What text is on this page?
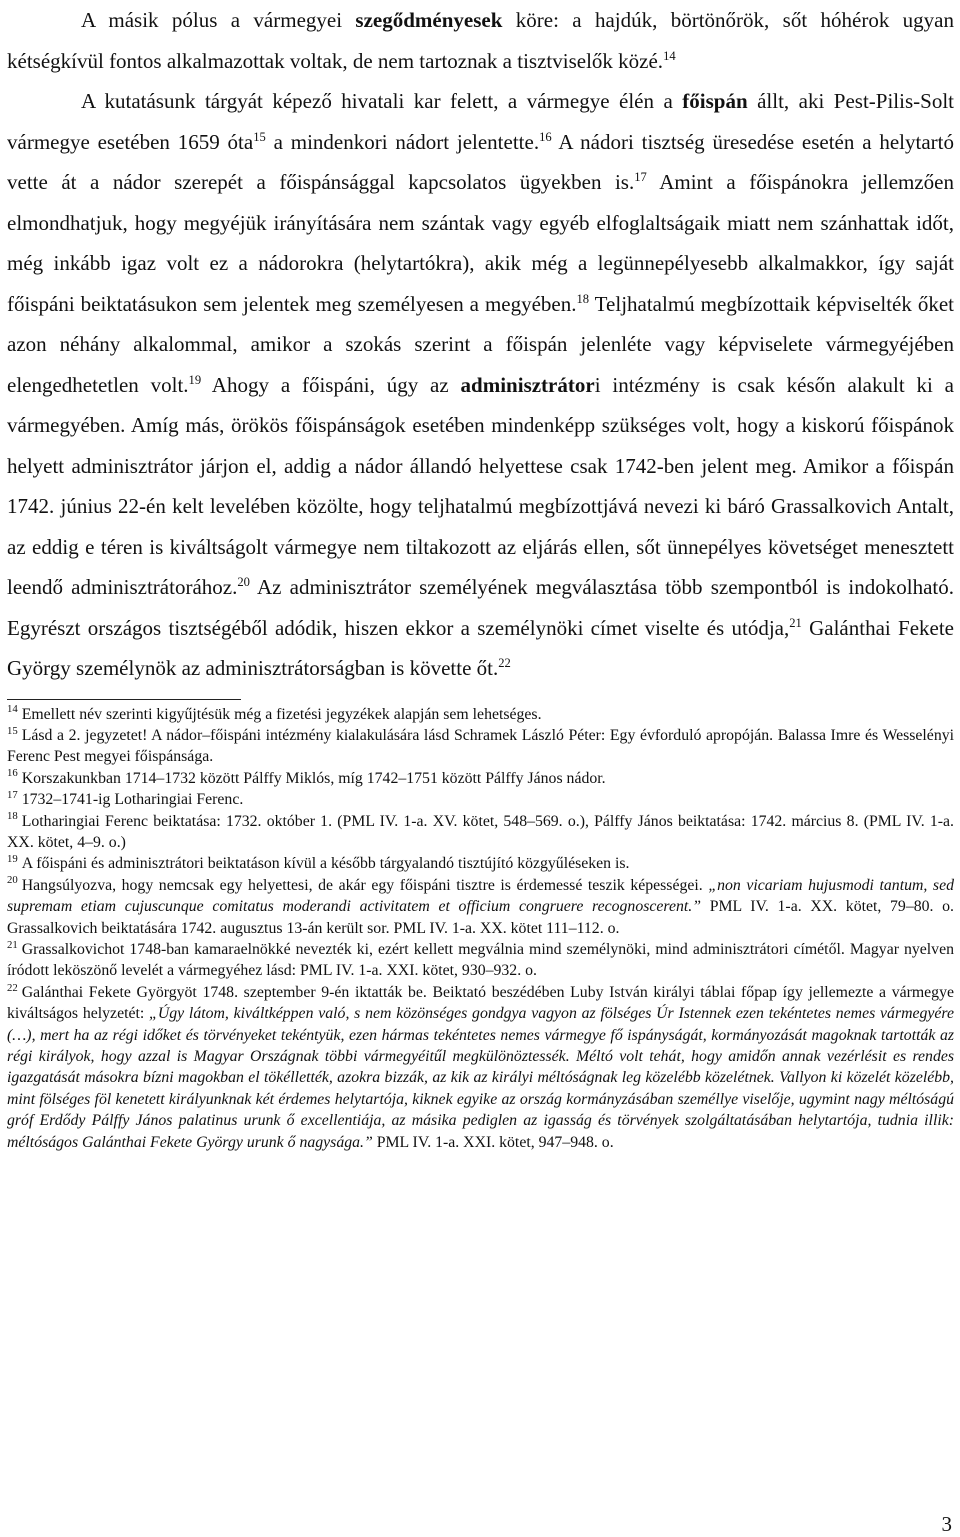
A másik pólus a vármegyei szegődményesek köre: a hajdúk, börtönőrök, sőt hóhérok ugyan kétségkívül fontos alkalmazottak voltak, de nem tartoznak a tisztviselők közé.$^{14}$

A kutatásunk tárgyát képező hivatali kar felett, a vármegye élén a főispán állt, aki Pest-Pilis-Solt vármegye esetében 1659 óta$^{15}$ a mindenkori nádort jelentette.$^{16}$ A nádori tisztség üresedése esetén a helytartó vette át a nádor szerepét a főispánsággal kapcsolatos ügyekben is.$^{17}$ Amint a főispánokra jellemzően elmondhatjuk, hogy megyéjük irányítására nem szántak vagy egyéb elfoglaltságaik miatt nem szánhattak időt, még inkább igaz volt ez a nádorokra (helytartókra), akik még a legünnepélyesebb alkalmakkor, így saját főispáni beiktatásukon sem jelentek meg személyesen a megyében.$^{18}$ Teljhatalmú megbízottaik képviselték őket azon néhány alkalommal, amikor a szokás szerint a főispán jelenléte vagy képviselete vármegyéjében elengedhetetlen volt.$^{19}$ Ahogy a főispáni, úgy az adminisztrátori intézmény is csak későn alakult ki a vármegyében. Amíg más, örökös főispánságok esetében mindenképp szükséges volt, hogy a kiskorú főispánok helyett adminisztrátor járjon el, addig a nádor állandó helyettese csak 1742-ben jelent meg. Amikor a főispán 1742. június 22-én kelt levelében közölte, hogy teljhatalmú megbízottjává nevezi ki báró Grassalkovich Antalt, az eddig e téren is kiváltságolt vármegye nem tiltakozott az eljárás ellen, sőt ünnepélyes követséget menesztett leendő adminisztrátorához.$^{20}$ Az adminisztrátor személyének megválasztása több szempontból is indokolható. Egyrészt országos tisztségéből adódik, hiszen ekkor a személynöki címet viselte és utódja,$^{21}$ Galánthai Fekete György személynök az adminisztrátorságban is követte őt.$^{22}$

$^{14}$ Emellett név szerinti kigyűjtésük még a fizetési jegyzékek alapján sem lehetséges.
$^{15}$ Lásd a 2. jegyzetet! A nádor–főispáni intézmény kialakulására lásd Schramek László Péter: Egy évforduló apropóján. Balassa Imre és Wesselényi Ferenc Pest megyei főispánsága.
$^{16}$ Korszakunkban 1714–1732 között Pálffy Miklós, míg 1742–1751 között Pálffy János nádor.
$^{17}$ 1732–1741-ig Lotharingiai Ferenc.
$^{18}$ Lotharingiai Ferenc beiktatása: 1732. október 1. (PML IV. 1-a. XV. kötet, 548–569. o.), Pálffy János beiktatása: 1742. március 8. (PML IV. 1-a. XX. kötet, 4–9. o.)
$^{19}$ A főispáni és adminisztrátori beiktatáson kívül a később tárgyalandó tisztújító közgyűléseken is.
$^{20}$ Hangsúlyozva, hogy nemcsak egy helyettesi, de akár egy főispáni tisztre is érdemessé teszik képességei. „non vicariam hujusmodi tantum, sed supremam etiam cujuscunque comitatus moderandi activitatem et officium congruere recognoscerent.” PML IV. 1-a. XX. kötet, 79–80. o. Grassalkovich beiktatására 1742. augusztus 13-án került sor. PML IV. 1-a. XX. kötet 111–112. o.
$^{21}$ Grassalkovichot 1748-ban kamaraelnökké nevezték ki, ezért kellett megválnia mind személynöki, mind adminisztrátori címétől. Magyar nyelven íródott leköszönő levelét a vármegyéhez lásd: PML IV. 1-a. XXI. kötet, 930–932. o.
$^{22}$ Galánthai Fekete Györgyöt 1748. szeptember 9-én iktatták be. Beiktató beszédében Luby István királyi táblai főpap így jellemezte a vármegye kiváltságos helyzetét: „Úgy látom, kiváltképpen való, s nem közönséges gondgya vagyon az fölséges Úr Istennek ezen tekéntetes nemes vármegyére (…), mert ha az régi időket és törvényeket tekéntyük, ezen hármas tekéntetes nemes vármegye fő ispányságát, kormányozását magoknak tartották az régi királyok, hogy azzal is Magyar Országnak többi vármegyéitűl megkülönöztessék. Méltó volt tehát, hogy amidőn annak vezérlésit es rendes igazgatását másokra bízni magokban el tökéllették, azokra bizzák, az kik az királyi méltóságnak leg közelébb közelétnek. Vallyon ki közelét közelébb, mint fölséges föl kenetett királyunknak két érdemes helytartója, kiknek egyike az ország kormányzásában személlye viselője, ugymint nagy méltóságú gróf Erdődy Pálffy János palatinus urunk ő excellentiája, az másika pediglen az igasság és törvények szolgáltatásában helytartója, tudnia illik: méltóságos Galánthai Fekete György urunk ő nagysága.” PML IV. 1-a. XXI. kötet, 947–948. o.
3
